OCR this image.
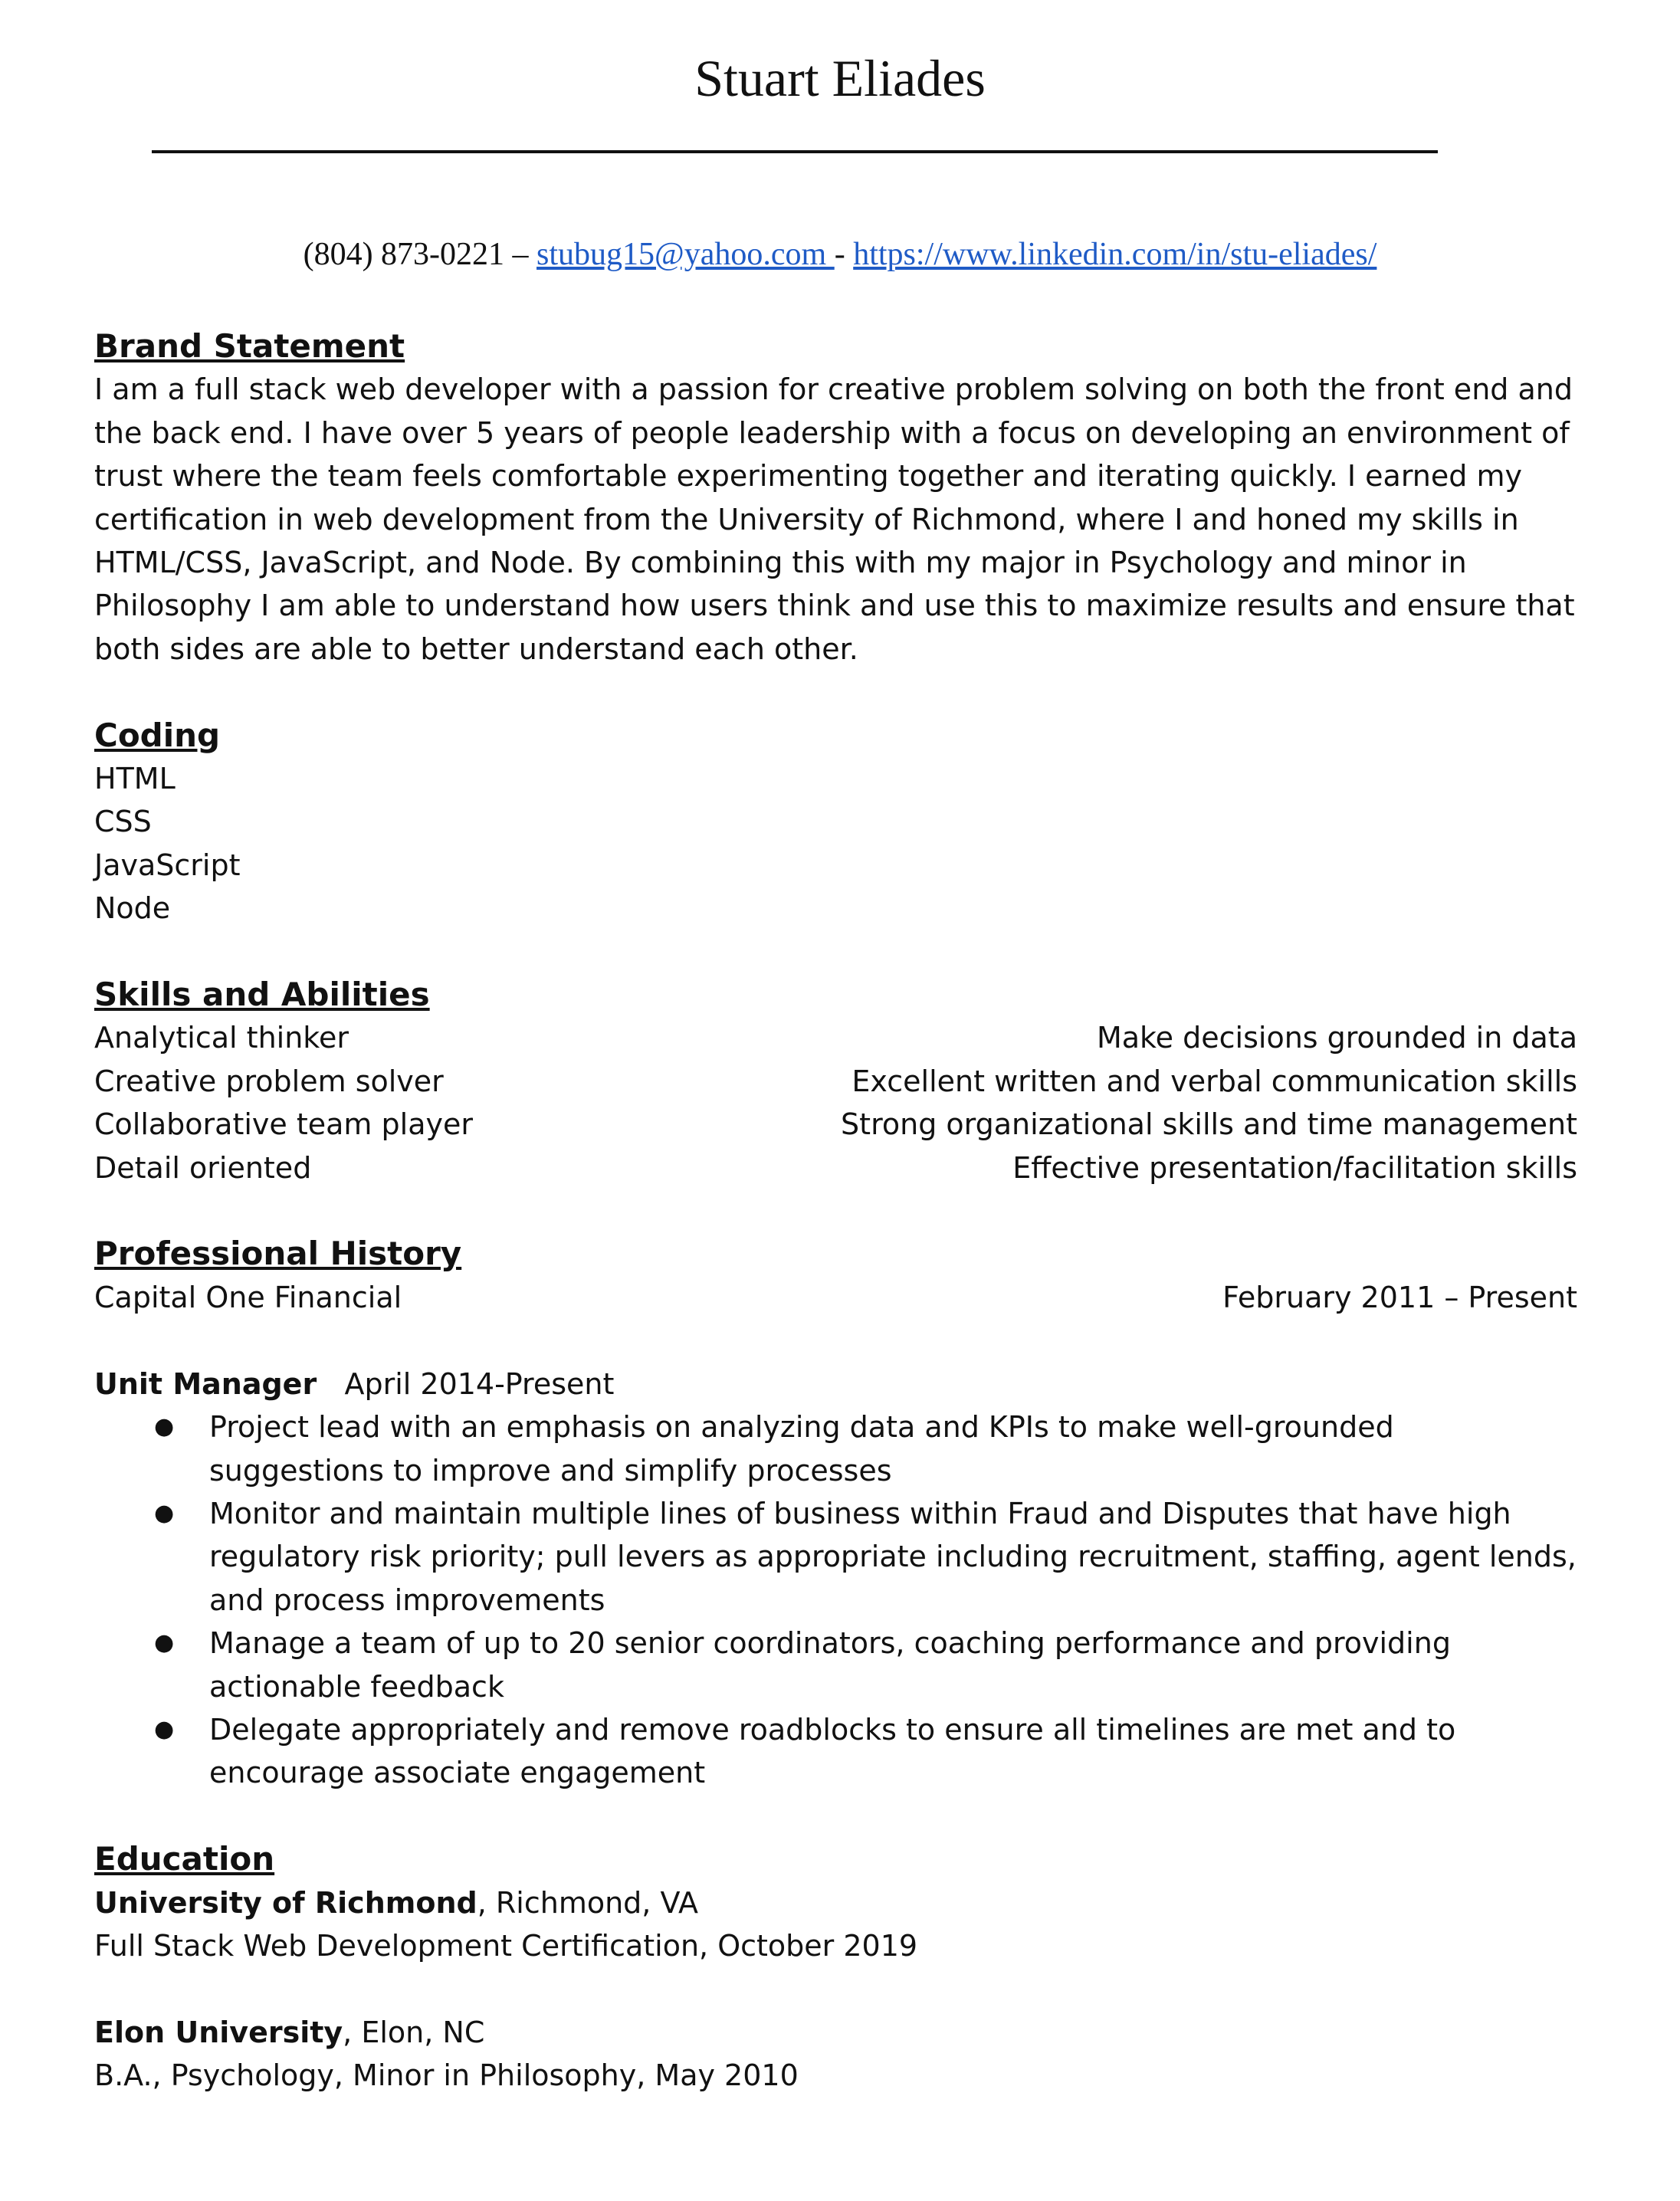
Stuart Eliades
(804) 873-0221 – stubug15@yahoo.com - https://www.linkedin.com/in/stu-eliades/
Brand Statement

I am a full stack web developer with a passion for creative problem solving on both the front end and the back end. I have over 5 years of people leadership with a focus on developing an environment of trust where the team feels comfortable experimenting together and iterating quickly. I earned my certification in web development from the University of Richmond, where I and honed my skills in HTML/CSS, JavaScript, and Node. By combining this with my major in Psychology and minor in Philosophy I am able to understand how users think and use this to maximize results and ensure that both sides are able to better understand each other.

Coding
HTML
CSS
JavaScript
Node
Skills and Abilities
Analytical thinker	Make decisions grounded in data
Creative problem solver	Excellent written and verbal communication skills
Collaborative team player	Strong organizational skills and time management
Detail oriented	Effective presentation/facilitation skills
Professional History
Capital One Financial	February 2011 – Present
Unit Manager April 2014-Present
● Project lead with an emphasis on analyzing data and KPIs to make well-grounded suggestions to improve and simplify processes
● Monitor and maintain multiple lines of business within Fraud and Disputes that have high regulatory risk priority; pull levers as appropriate including recruitment, staffing, agent lends, and process improvements
● Manage a team of up to 20 senior coordinators, coaching performance and providing actionable feedback
● Delegate appropriately and remove roadblocks to ensure all timelines are met and to encourage associate engagement
Education
University of Richmond, Richmond, VA
Full Stack Web Development Certification, October 2019
Elon University, Elon, NC
B.A., Psychology, Minor in Philosophy, May 2010
